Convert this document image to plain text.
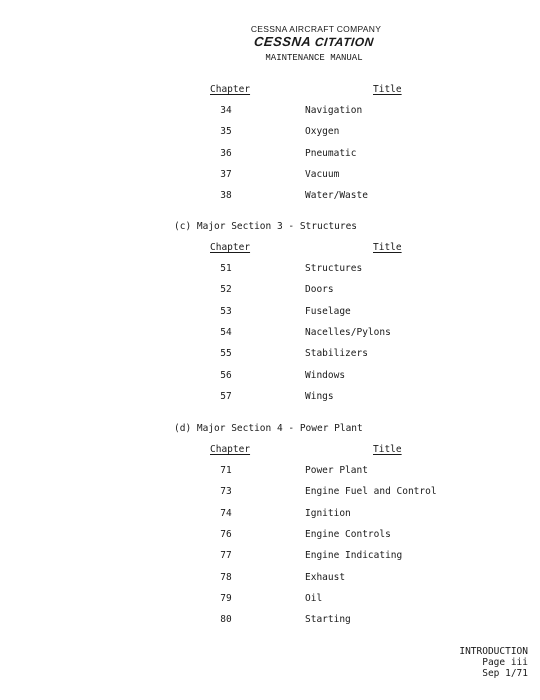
CESSNA AIRCRAFT COMPANY
CESSNA CITATION
MAINTENANCE MANUAL
Chapter	Title
34	Navigation
35	Oxygen
36	Pneumatic
37	Vacuum
38	Water/Waste
(c) Major Section 3 - Structures
Chapter	Title
51	Structures
52	Doors
53	Fuselage
54	Nacelles/Pylons
55	Stabilizers
56	Windows
57	Wings
(d) Major Section 4 - Power Plant
Chapter	Title
71	Power Plant
73	Engine Fuel and Control
74	Ignition
76	Engine Controls
77	Engine Indicating
78	Exhaust
79	Oil
80	Starting
INTRODUCTION
Page iii
Sep 1/71
